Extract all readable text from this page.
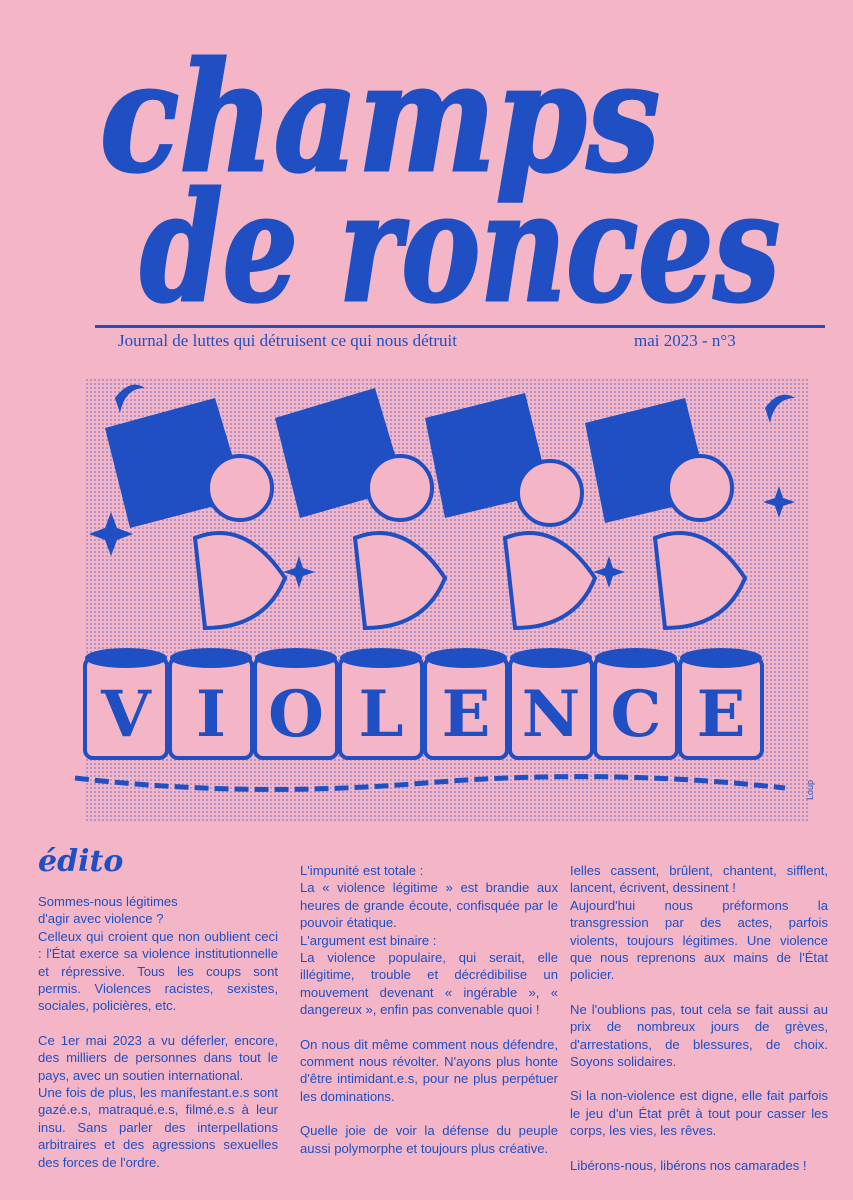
champs
de ronces
Journal de luttes qui détruisent ce qui nous détruit	mai 2023 - n°3
V I O L E N C E
Loup
édito

Sommes-nous légitimes
d'agir avec violence ?

Celleux qui croient que non oublient ceci : l'État exerce sa violence institutionnelle et répressive. Tous les coups sont permis. Violences racistes, sexistes, sociales, policières, etc.

Ce 1er mai 2023 a vu déferler, encore, des milliers de personnes dans tout le pays, avec un soutien international.

Une fois de plus, les manifestant.e.s sont gazé.e.s, matraqué.e.s, filmé.e.s à leur insu. Sans parler des interpellations arbitraires et des agressions sexuelles des forces de l'ordre.

L'impunité est totale :

La « violence légitime » est brandie aux heures de grande écoute, confisquée par le pouvoir étatique.

L'argument est binaire :

La violence populaire, qui serait, elle illégitime, trouble et décrédibilise un mouvement devenant « ingérable », « dangereux », enfin pas convenable quoi !

On nous dit même comment nous défendre, comment nous révolter. N'ayons plus honte d'être intimidant.e.s, pour ne plus perpétuer les dominations.

Quelle joie de voir la défense du peuple aussi polymorphe et toujours plus créative.

Ielles cassent, brûlent, chantent, sifflent, lancent, écrivent, dessinent !

Aujourd'hui nous préformons la transgression par des actes, parfois violents, toujours légitimes. Une violence que nous reprenons aux mains de l'État policier.

Ne l'oublions pas, tout cela se fait aussi au prix de nombreux jours de grèves, d'arrestations, de blessures, de choix. Soyons solidaires.

Si la non-violence est digne, elle fait parfois le jeu d'un État prêt à tout pour casser les corps, les vies, les rêves.

Libérons-nous, libérons nos camarades !
